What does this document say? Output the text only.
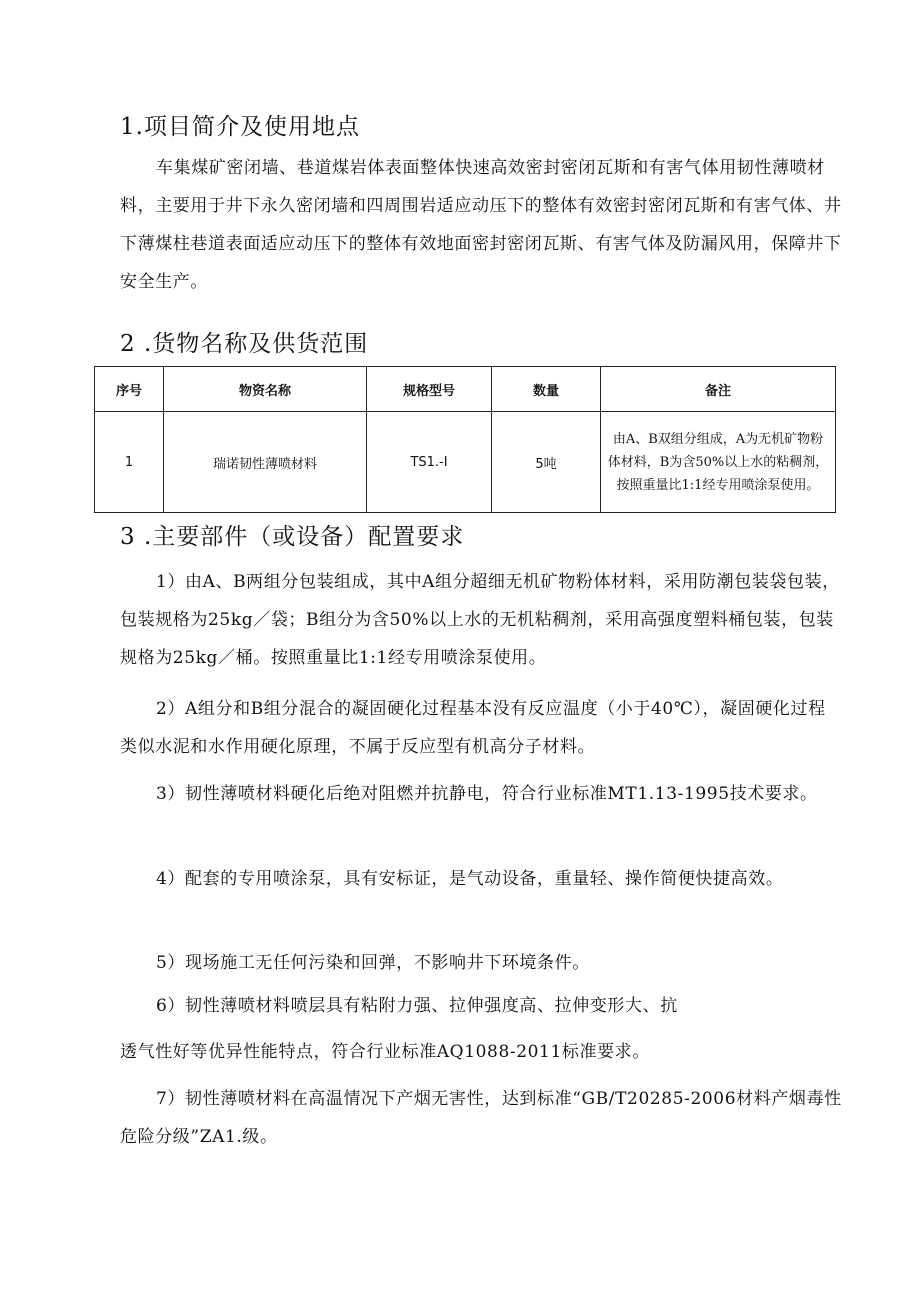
1.项目简介及使用地点

车集煤矿密闭墙、巷道煤岩体表面整体快速高效密封密闭瓦斯和有害气体用韧性薄喷材料，主要用于井下永久密闭墙和四周围岩适应动压下的整体有效密封密闭瓦斯和有害气体、井下薄煤柱巷道表面适应动压下的整体有效地面密封密闭瓦斯、有害气体及防漏风用，保障井下安全生产。

2 .货物名称及供货范围
序号	物资名称	规格型号	数量	备注
1	瑞诺韧性薄喷材料	TS1.-I	5吨	由A、B双组分组成，A为无机矿物粉体材料，B为含50%以上水的粘稠剂，按照重量比1:1经专用喷涂泵使用。
3 .主要部件（或设备）配置要求

1）由A、B两组分包装组成，其中A组分超细无机矿物粉体材料，采用防潮包装袋包装，包装规格为25kg／袋；B组分为含50%以上水的无机粘稠剂，采用高强度塑料桶包装，包装规格为25kg／桶。按照重量比1:1经专用喷涂泵使用。

2）A组分和B组分混合的凝固硬化过程基本没有反应温度（小于40℃），凝固硬化过程类似水泥和水作用硬化原理，不属于反应型有机高分子材料。

3）韧性薄喷材料硬化后绝对阻燃并抗静电，符合行业标准MT1.13-1995技术要求。

4）配套的专用喷涂泵，具有安标证，是气动设备，重量轻、操作简便快捷高效。

5）现场施工无任何污染和回弹，不影响井下环境条件。

6）韧性薄喷材料喷层具有粘附力强、拉伸强度高、拉伸变形大、抗

透气性好等优异性能特点，符合行业标准AQ1088-2011标准要求。

7）韧性薄喷材料在高温情况下产烟无害性，达到标准“GB/T20285-2006材料产烟毒性危险分级”ZA1.级。
